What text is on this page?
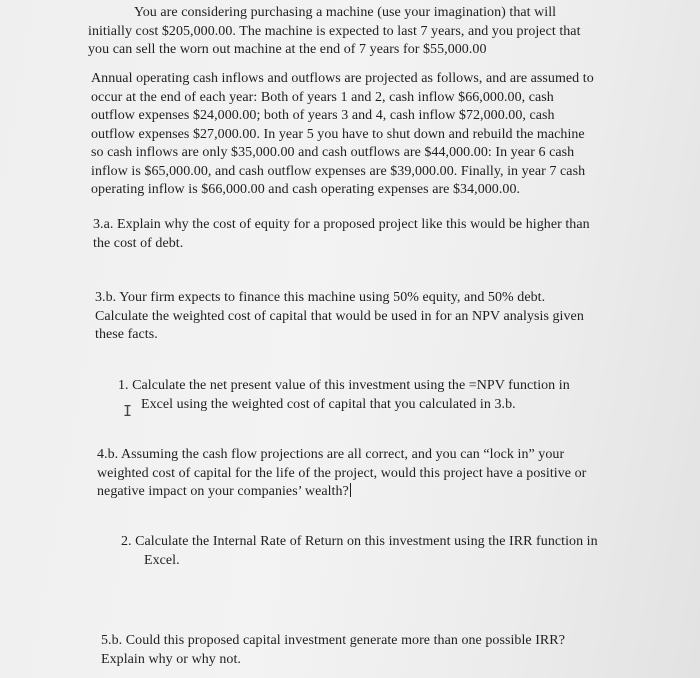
You are considering purchasing a machine (use your imagination) that will
initially cost $205,000.00. The machine is expected to last 7 years, and you project that
you can sell the worn out machine at the end of 7 years for $55,000.00

Annual operating cash inflows and outflows are projected as follows, and are assumed to
occur at the end of each year: Both of years 1 and 2, cash inflow $66,000.00, cash
outflow expenses $24,000.00; both of years 3 and 4, cash inflow $72,000.00, cash
outflow expenses $27,000.00. In year 5 you have to shut down and rebuild the machine
so cash inflows are only $35,000.00 and cash outflows are $44,000.00: In year 6 cash
inflow is $65,000.00, and cash outflow expenses are $39,000.00. Finally, in year 7 cash
operating inflow is $66,000.00 and cash operating expenses are $34,000.00.

3.a. Explain why the cost of equity for a proposed project like this would be higher than
the cost of debt.

3.b. Your firm expects to finance this machine using 50% equity, and 50% debt.
Calculate the weighted cost of capital that would be used in for an NPV analysis given
these facts.

1. Calculate the net present value of this investment using the =NPV function in
Excel using the weighted cost of capital that you calculated in 3.b.

I

4.b. Assuming the cash flow projections are all correct, and you can “lock in” your
weighted cost of capital for the life of the project, would this project have a positive or
negative impact on your companies’ wealth?

2. Calculate the Internal Rate of Return on this investment using the IRR function in
Excel.

5.b. Could this proposed capital investment generate more than one possible IRR?
Explain why or why not.
